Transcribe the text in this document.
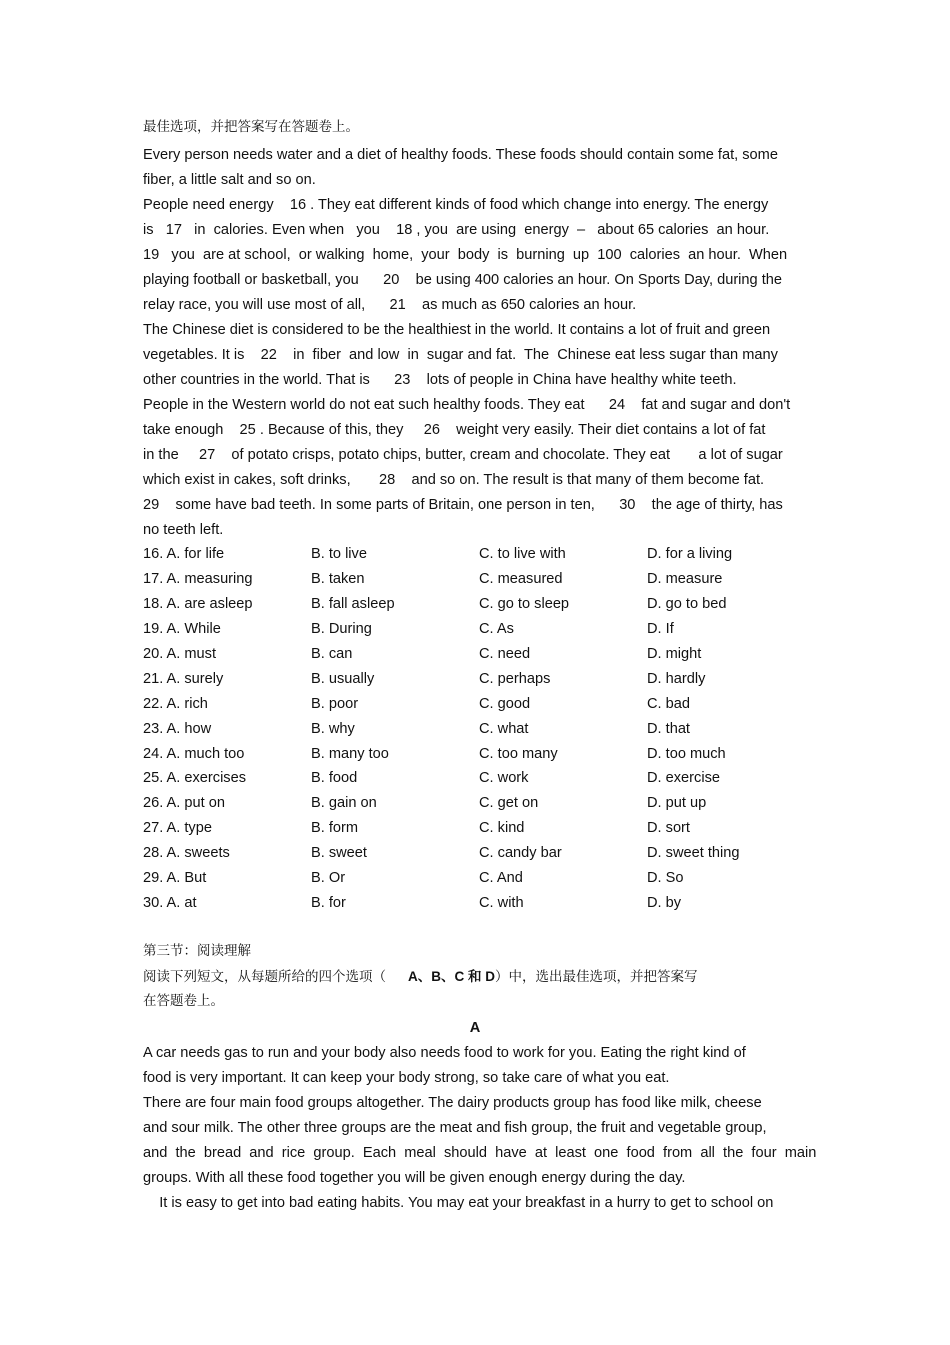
最佳选项，并把答案写在答题卷上。
Every person needs water and a diet of healthy foods. These foods should contain some fat, some
fiber, a little salt and so on.
People need energy    16 . They eat different kinds of food which change into energy. The energy
is   17   in  calories. Even when   you    18 , you  are using  energy  –   about 65 calories  an hour.
19   you  are at school,  or walking  home,  your  body  is  burning  up  100  calories  an hour.  When
playing football or basketball, you      20    be using 400 calories an hour. On Sports Day, during the
relay race, you will use most of all,      21    as much as 650 calories an hour.
The Chinese diet is considered to be the healthiest in the world. It contains a lot of fruit and green
vegetables. It is    22    in  fiber  and low  in  sugar and fat.  The  Chinese eat less sugar than many
other countries in the world. That is      23    lots of people in China have healthy white teeth.
People in the Western world do not eat such healthy foods. They eat      24    fat and sugar and don't
take enough    25 . Because of this, they     26    weight very easily. Their diet contains a lot of fat
in the     27    of potato crisps, potato chips, butter, cream and chocolate. They eat       a lot of sugar
which exist in cakes, soft drinks,       28    and so on. The result is that many of them become fat.
29    some have bad teeth. In some parts of Britain, one person in ten,      30    the age of thirty, has
no teeth left.
16. A. for life	B. to live	C. to live with	D. for a living
17. A. measuring	B. taken	C. measured	D. measure
18. A. are asleep	B. fall asleep	C. go to sleep	D. go to bed
19. A. While	B. During	C. As	D. If
20. A. must	B. can	C. need	D. might
21. A. surely	B. usually	C. perhaps	D. hardly
22. A. rich	B. poor	C. good	C. bad
23. A. how	B. why	C. what	D. that
24. A. much too	B. many too	C. too many	D. too much
25. A. exercises	B. food	C. work	D. exercise
26. A. put on	B. gain on	C. get on	D. put up
27. A. type	B. form	C. kind	D. sort
28. A. sweets	B. sweet	C. candy bar	D. sweet thing
29. A. But	B. Or	C. And	D. So
30. A. at	B. for	C. with	D. by
第三节：阅读理解
阅读下列短文，从每题所给的四个选项（ A、B、C 和 D）中，选出最佳选项，并把答案写
在答题卷上。
A
A car needs gas to run and your body also needs food to work for you. Eating the right kind of
food is very important. It can keep your body strong, so take care of what you eat.
There are four main food groups altogether. The dairy products group has food like milk, cheese
and sour milk. The other three groups are the meat and fish group, the fruit and vegetable group,
and  the  bread  and  rice  group.  Each  meal  should  have  at  least  one  food  from  all  the  four  main
groups. With all these food together you will be given enough energy during the day.
It is easy to get into bad eating habits. You may eat your breakfast in a hurry to get to school on
